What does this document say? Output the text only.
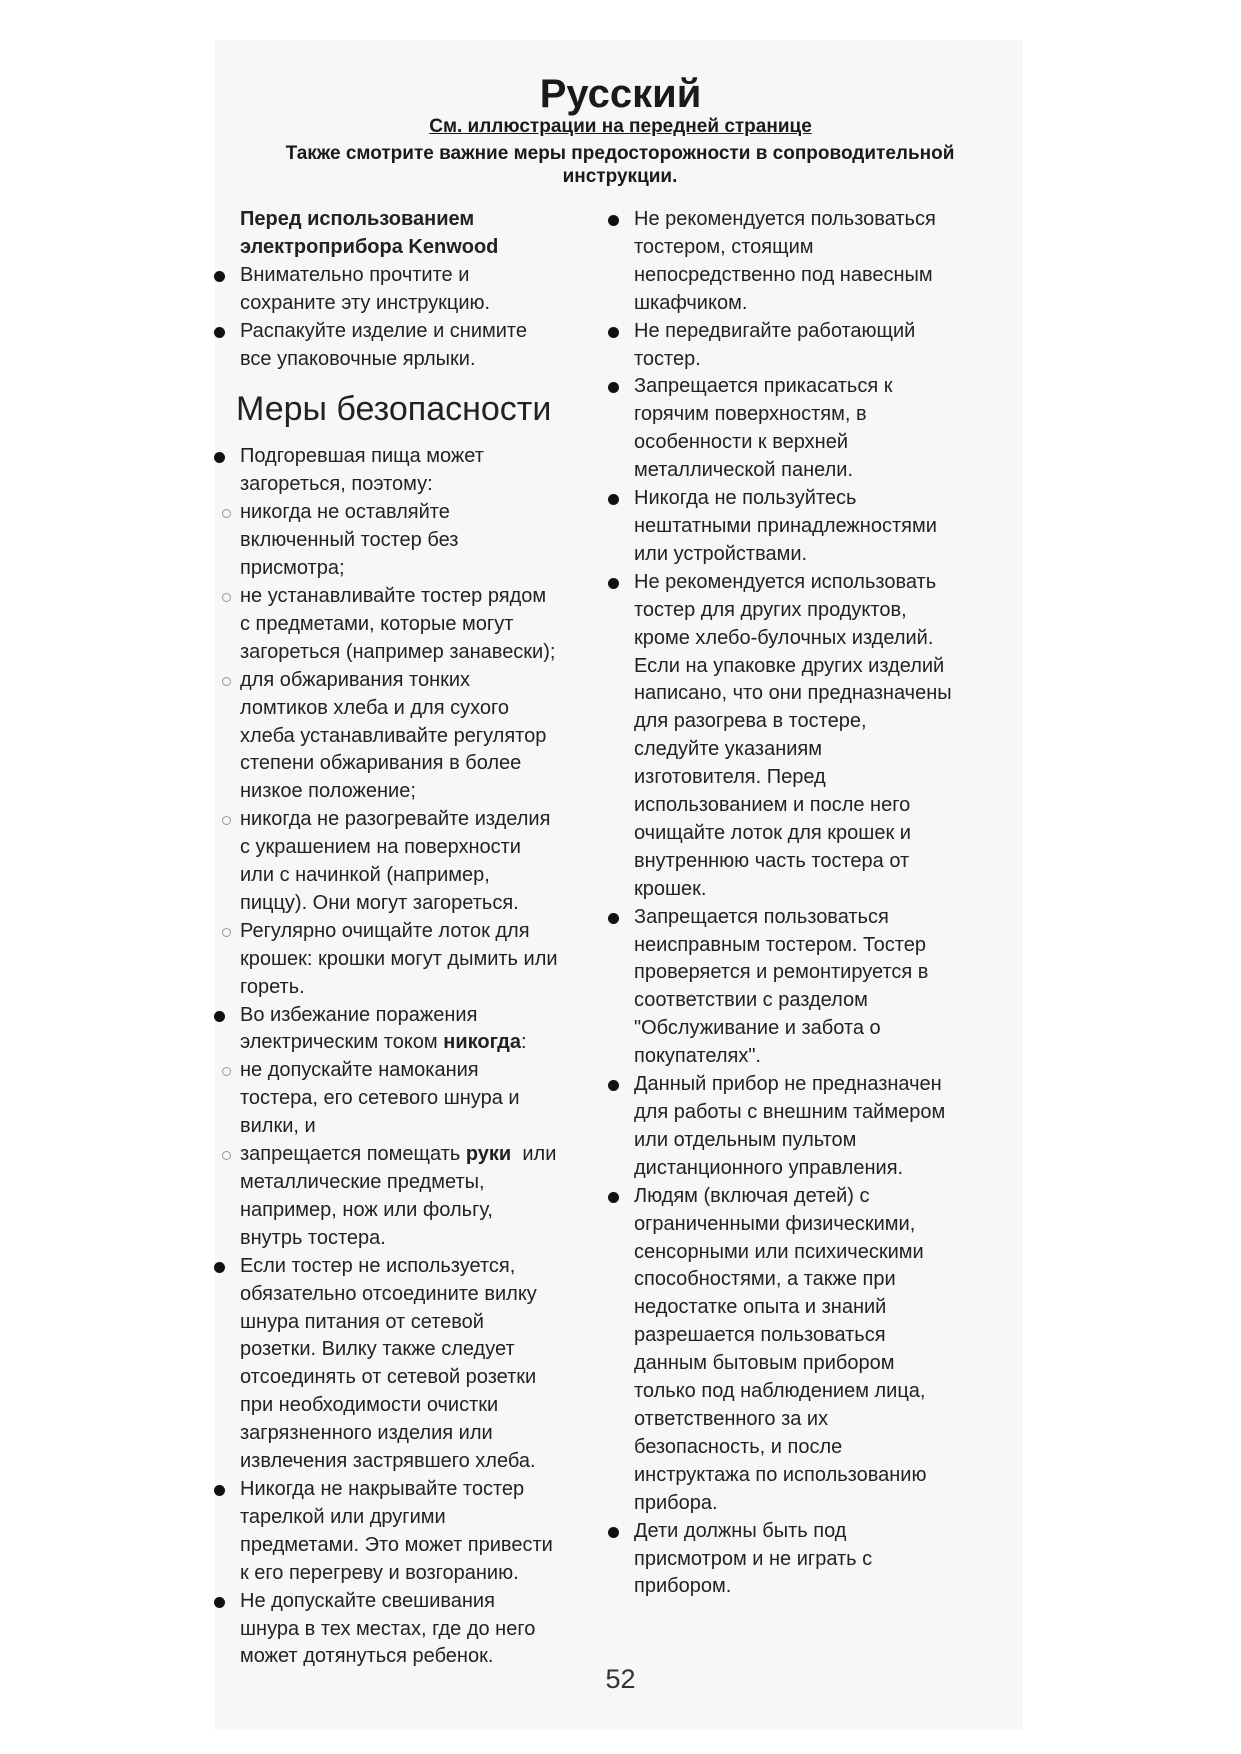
Русский

См. иллюстрации на передней странице

Также смотрите важние меры предосторожности в сопроводительной
инструкции.

Перед использованием
электроприбора Kenwood
Внимательно прочтите и
сохраните эту инструкцию.
Распакуйте изделие и снимите
все упаковочные ярлыки.
Меры безопасности
Подгоревшая пища может
загореться, поэтому:
никогда не оставляйте
включенный тостер без
присмотра;
не устанавливайте тостер рядом
с предметами, которые могут
загореться (например занавески);
для обжаривания тонких
ломтиков хлеба и для сухого
хлеба устанавливайте регулятор
степени обжаривания в более
низкое положение;
никогда не разогревайте изделия
с украшением на поверхности
или с начинкой (например,
пиццу). Они могут загореться.
Регулярно очищайте лоток для
крошек: крошки могут дымить или
гореть.
Во избежание поражения
электрическим током никогда:
не допускайте намокания
тостера, его сетевого шнура и
вилки, и
запрещается помещать руки  или
металлические предметы,
например, нож или фольгу,
внутрь тостера.
Если тостер не используется,
обязательно отсоедините вилку
шнура питания от сетевой
розетки. Вилку также следует
отсоединять от сетевой розетки
при необходимости очистки
загрязненного изделия или
извлечения застрявшего хлеба.
Никогда не накрывайте тостер
тарелкой или другими
предметами. Это может привести
к его перегреву и возгоранию.
Не допускайте свешивания
шнура в тех местах, где до него
может дотянуться ребенок.
Не рекомендуется пользоваться
тостером, стоящим
непосредственно под навесным
шкафчиком.
Не передвигайте работающий
тостер.
Запрещается прикасаться к
горячим поверхностям, в
особенности к верхней
металлической панели.
Никогда не пользуйтесь
нештатными принадлежностями
или устройствами.
Не рекомендуется использовать
тостер для других продуктов,
кроме хлебо-булочных изделий.
Если на упаковке других изделий
написано, что они предназначены
для разогрева в тостере,
следуйте указаниям
изготовителя. Перед
использованием и после него
очищайте лоток для крошек и
внутреннюю часть тостера от
крошек.
Запрещается пользоваться
неисправным тостером. Тостер
проверяется и ремонтируется в
соответствии с разделом
"Обслуживание и забота о
покупателях".
Данный прибор не предназначен
для работы с внешним таймером
или отдельным пультом
дистанционного управления.
Людям (включая детей) с
ограниченными физическими,
сенсорными или психическими
способностями, а также при
недостатке опыта и знаний
разрешается пользоваться
данным бытовым прибором
только под наблюдением лица,
ответственного за их
безопасность, и после
инструктажа по использованию
прибора.
Дети должны быть под
присмотром и не играть с
прибором.

52
